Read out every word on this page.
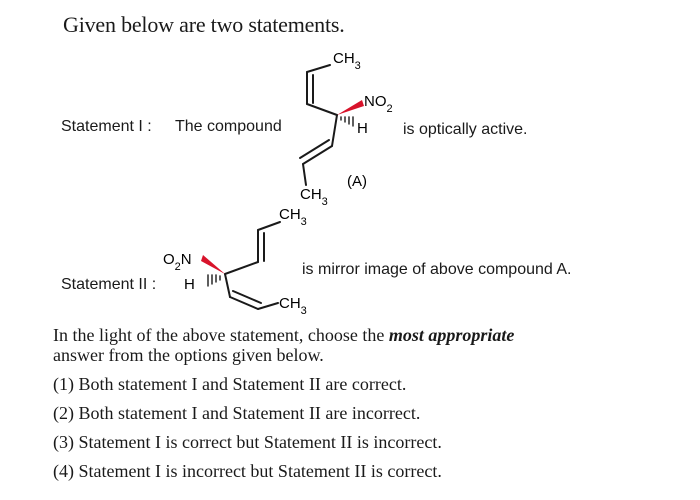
Given below are two statements.
Statement I : The compound	is optically active.
Statement II :
is mirror image of above compound A.
$CH_3$
$NO_2$
H
$CH_3$
(A)
$CH_3$
$O_2N$
H
$CH_3$
In the light of the above statement, choose the most appropriate
answer from the options given below.
(1) Both statement I and Statement II are correct.
(2) Both statement I and Statement II are incorrect.
(3) Statement I is correct but Statement II is incorrect.
(4) Statement I is incorrect but Statement II is correct.
